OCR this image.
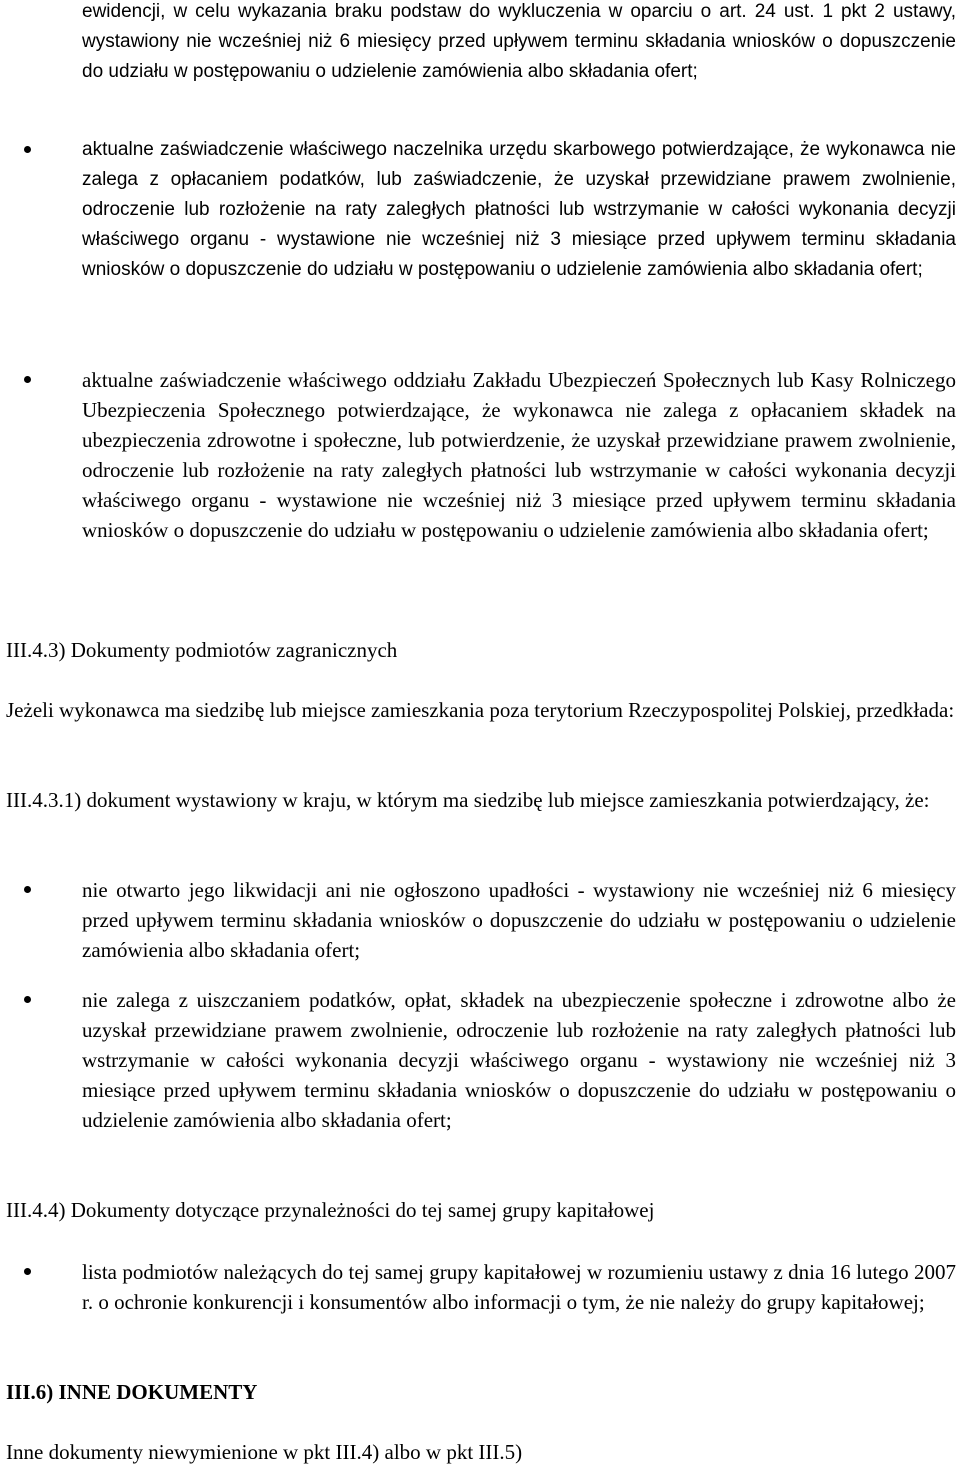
ewidencji, w celu wykazania braku podstaw do wykluczenia w oparciu o art. 24 ust. 1 pkt 2 ustawy, wystawiony nie wcześniej niż 6 miesięcy przed upływem terminu składania wniosków o dopuszczenie do udziału w postępowaniu o udzielenie zamówienia albo składania ofert;

aktualne zaświadczenie właściwego naczelnika urzędu skarbowego potwierdzające, że wykonawca nie zalega z opłacaniem podatków, lub zaświadczenie, że uzyskał przewidziane prawem zwolnienie, odroczenie lub rozłożenie na raty zaległych płatności lub wstrzymanie w całości wykonania decyzji właściwego organu - wystawione nie wcześniej niż 3 miesiące przed upływem terminu składania wniosków o dopuszczenie do udziału w postępowaniu o udzielenie zamówienia albo składania ofert;

aktualne zaświadczenie właściwego oddziału Zakładu Ubezpieczeń Społecznych lub Kasy Rolniczego Ubezpieczenia Społecznego potwierdzające, że wykonawca nie zalega z opłacaniem składek na ubezpieczenia zdrowotne i społeczne, lub potwierdzenie, że uzyskał przewidziane prawem zwolnienie, odroczenie lub rozłożenie na raty zaległych płatności lub wstrzymanie w całości wykonania decyzji właściwego organu - wystawione nie wcześniej niż 3 miesiące przed upływem terminu składania wniosków o dopuszczenie do udziału w postępowaniu o udzielenie zamówienia albo składania ofert;

III.4.3) Dokumenty podmiotów zagranicznych

Jeżeli wykonawca ma siedzibę lub miejsce zamieszkania poza terytorium Rzeczypospolitej Polskiej, przedkłada:

III.4.3.1) dokument wystawiony w kraju, w którym ma siedzibę lub miejsce zamieszkania potwierdzający, że:

nie otwarto jego likwidacji ani nie ogłoszono upadłości - wystawiony nie wcześniej niż 6 miesięcy przed upływem terminu składania wniosków o dopuszczenie do udziału w postępowaniu o udzielenie zamówienia albo składania ofert;

nie zalega z uiszczaniem podatków, opłat, składek na ubezpieczenie społeczne i zdrowotne albo że uzyskał przewidziane prawem zwolnienie, odroczenie lub rozłożenie na raty zaległych płatności lub wstrzymanie w całości wykonania decyzji właściwego organu - wystawiony nie wcześniej niż 3 miesiące przed upływem terminu składania wniosków o dopuszczenie do udziału w postępowaniu o udzielenie zamówienia albo składania ofert;

III.4.4) Dokumenty dotyczące przynależności do tej samej grupy kapitałowej

lista podmiotów należących do tej samej grupy kapitałowej w rozumieniu ustawy z dnia 16 lutego 2007 r. o ochronie konkurencji i konsumentów albo informacji o tym, że nie należy do grupy kapitałowej;

III.6) INNE DOKUMENTY

Inne dokumenty niewymienione w pkt III.4) albo w pkt III.5)
